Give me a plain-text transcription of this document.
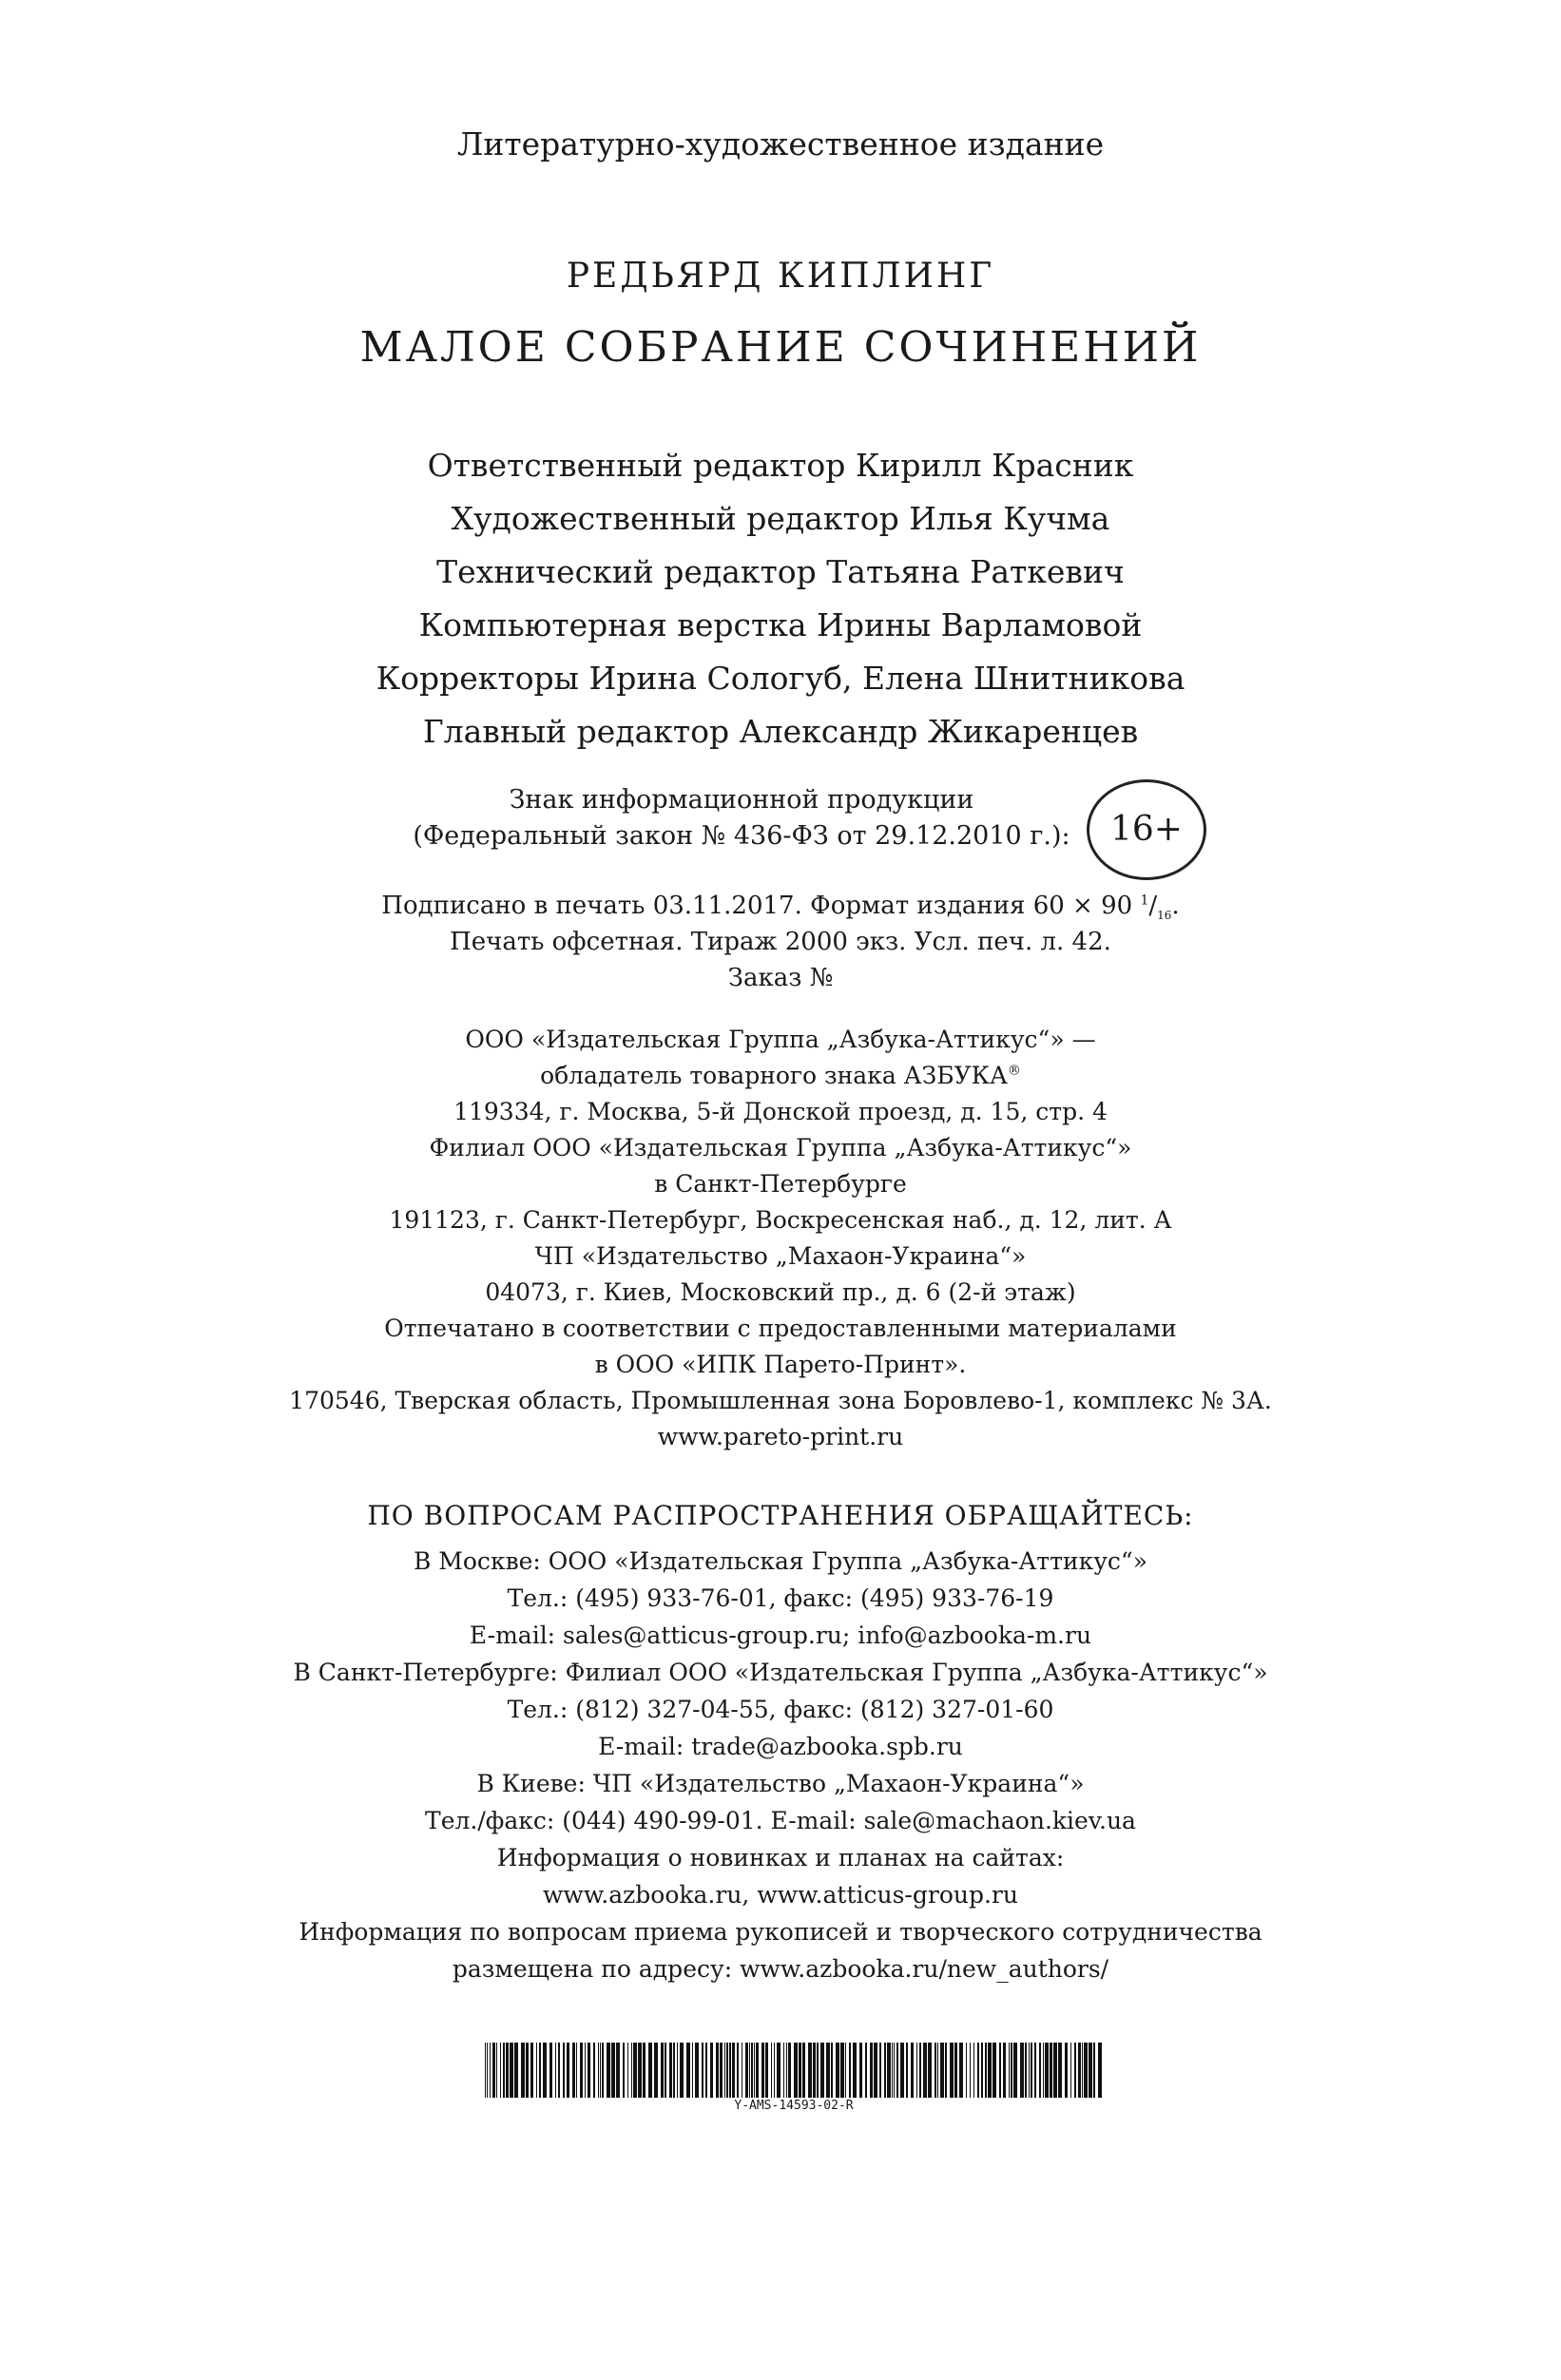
Литературно-художественное издание
РЕДЬЯРД КИПЛИНГ
МАЛОЕ СОБРАНИЕ СОЧИНЕНИЙ
Ответственный редактор Кирилл Красник
Художественный редактор Илья Кучма
Технический редактор Татьяна Раткевич
Компьютерная верстка Ирины Варламовой
Корректоры Ирина Сологуб, Елена Шнитникова
Главный редактор Александр Жикаренцев
Знак информационной продукции
(Федеральный закон № 436-ФЗ от 29.12.2010 г.):	16+
Подписано в печать 03.11.2017. Формат издания 60 × 90 $^1/_{16}$.
Печать офсетная. Тираж 2000 экз. Усл. печ. л. 42.
Заказ №
ООО «Издательская Группа „Азбука-Аттикус“» —
обладатель товарного знака АЗБУКА®
119334, г. Москва, 5-й Донской проезд, д. 15, стр. 4
Филиал ООО «Издательская Группа „Азбука-Аттикус“»
в Санкт-Петербурге
191123, г. Санкт-Петербург, Воскресенская наб., д. 12, лит. А
ЧП «Издательство „Махаон-Украина“»
04073, г. Киев, Московский пр., д. 6 (2-й этаж)
Отпечатано в соответствии с предоставленными материалами
в ООО «ИПК Парето-Принт».
170546, Тверская область, Промышленная зона Боровлево-1, комплекс № 3А.
www.pareto-print.ru
ПО ВОПРОСАМ РАСПРОСТРАНЕНИЯ ОБРАЩАЙТЕСЬ:
В Москве: ООО «Издательская Группа „Азбука-Аттикус“»
Тел.: (495) 933-76-01, факс: (495) 933-76-19
E-mail: sales@atticus-group.ru; info@azbooka-m.ru
В Санкт-Петербурге: Филиал ООО «Издательская Группа „Азбука-Аттикус“»
Тел.: (812) 327-04-55, факс: (812) 327-01-60
E-mail: trade@azbooka.spb.ru
В Киеве: ЧП «Издательство „Махаон-Украина“»
Тел./факс: (044) 490-99-01. E-mail: sale@machaon.kiev.ua
Информация о новинках и планах на сайтах:
www.azbooka.ru, www.atticus-group.ru
Информация по вопросам приема рукописей и творческого сотрудничества
размещена по адресу: www.azbooka.ru/new_authors/
Y-AMS-14593-02-R
